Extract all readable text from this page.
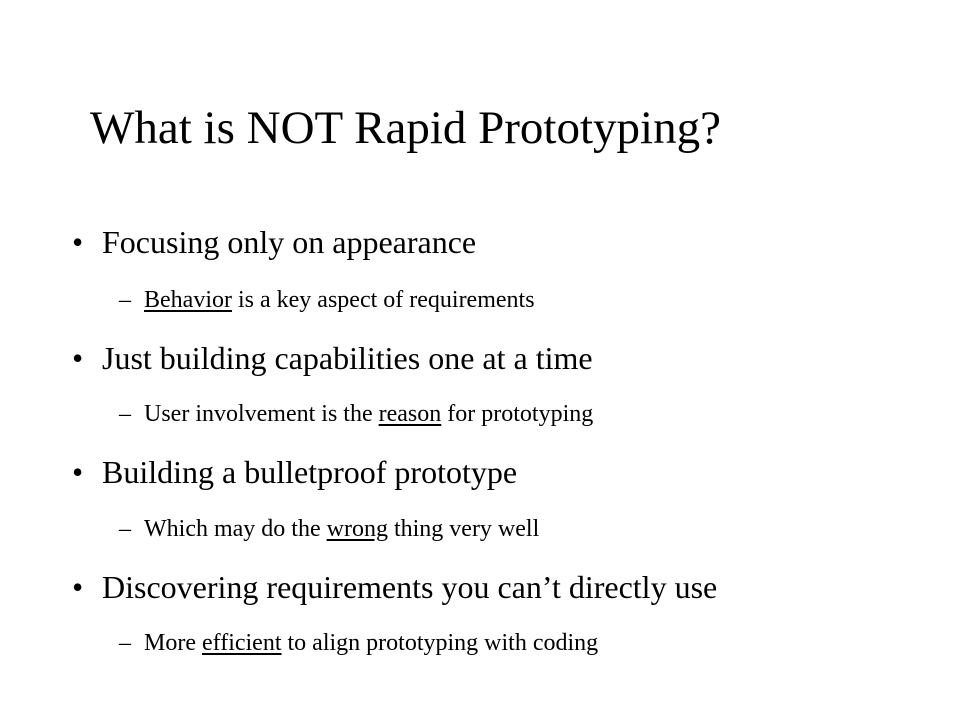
What is NOT Rapid Prototyping?
• Focusing only on appearance
– Behavior is a key aspect of requirements
• Just building capabilities one at a time
– User involvement is the reason for prototyping
• Building a bulletproof prototype
– Which may do the wrong thing very well
• Discovering requirements you can’t directly use
– More efficient to align prototyping with coding
